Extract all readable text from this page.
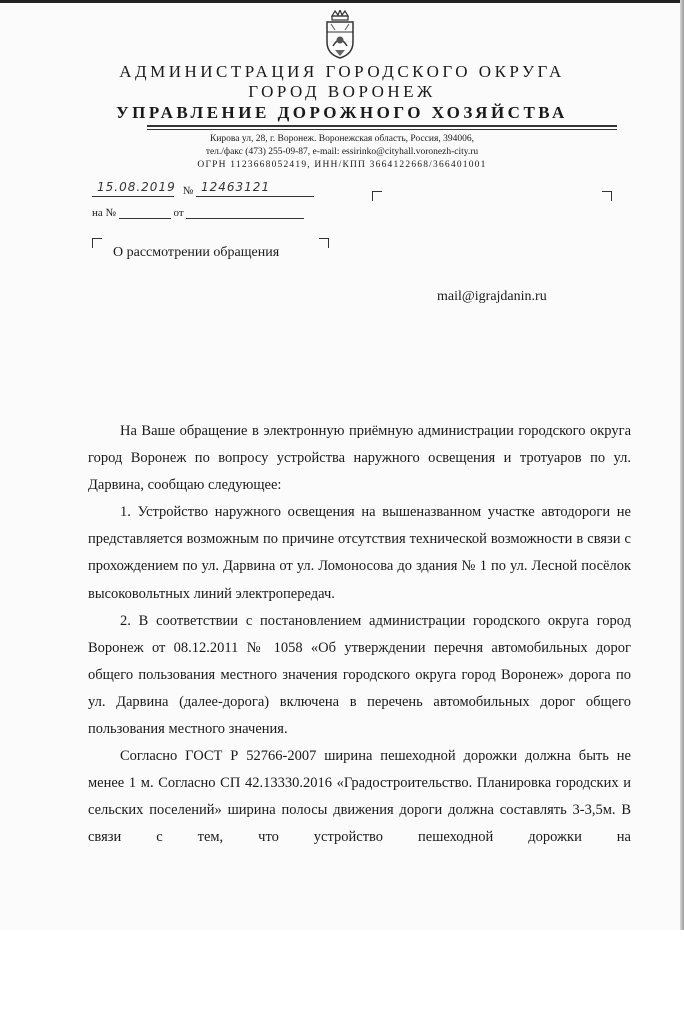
АДМИНИСТРАЦИЯ ГОРОДСКОГО ОКРУГА
ГОРОД ВОРОНЕЖ
УПРАВЛЕНИЕ ДОРОЖНОГО ХОЗЯЙСТВА
Кирова ул, 28, г. Воронеж. Воронежская область, Россия, 394006,
тел./факс (473) 255-09-87, e-mail: essirinko@cityhall.voronezh-city.ru
ОГРН 1123668052419, ИНН/КПП 3664122668/366401001
№
15.08.2019 12463121
на №	от
О рассмотрении обращения
mail@igrajdanin.ru

На Ваше обращение в электронную приёмную администрации городского округа город Воронеж по вопросу устройства наружного освещения и тротуаров по ул. Дарвина, сообщаю следующее:

1. Устройство наружного освещения на вышеназванном участке автодороги не представляется возможным по причине отсутствия технической возможности в связи с прохождением по ул. Дарвина от ул. Ломоносова до здания № 1 по ул. Лесной посёлок высоковольтных линий электропередач.

2. В соответствии с постановлением администрации городского округа город Воронеж от 08.12.2011 № 1058 «Об утверждении перечня автомобильных дорог общего пользования местного значения городского округа город Воронеж» дорога по ул. Дарвина (далее-дорога) включена в перечень автомобильных дорог общего пользования местного значения.

Согласно ГОСТ Р 52766-2007 ширина пешеходной дорожки должна быть не менее 1 м. Согласно СП 42.13330.2016 «Градостроительство. Планировка городских и сельских поселений» ширина полосы движения дороги должна составлять 3-3,5м. В связи с тем, что устройство пешеходной дорожки на
